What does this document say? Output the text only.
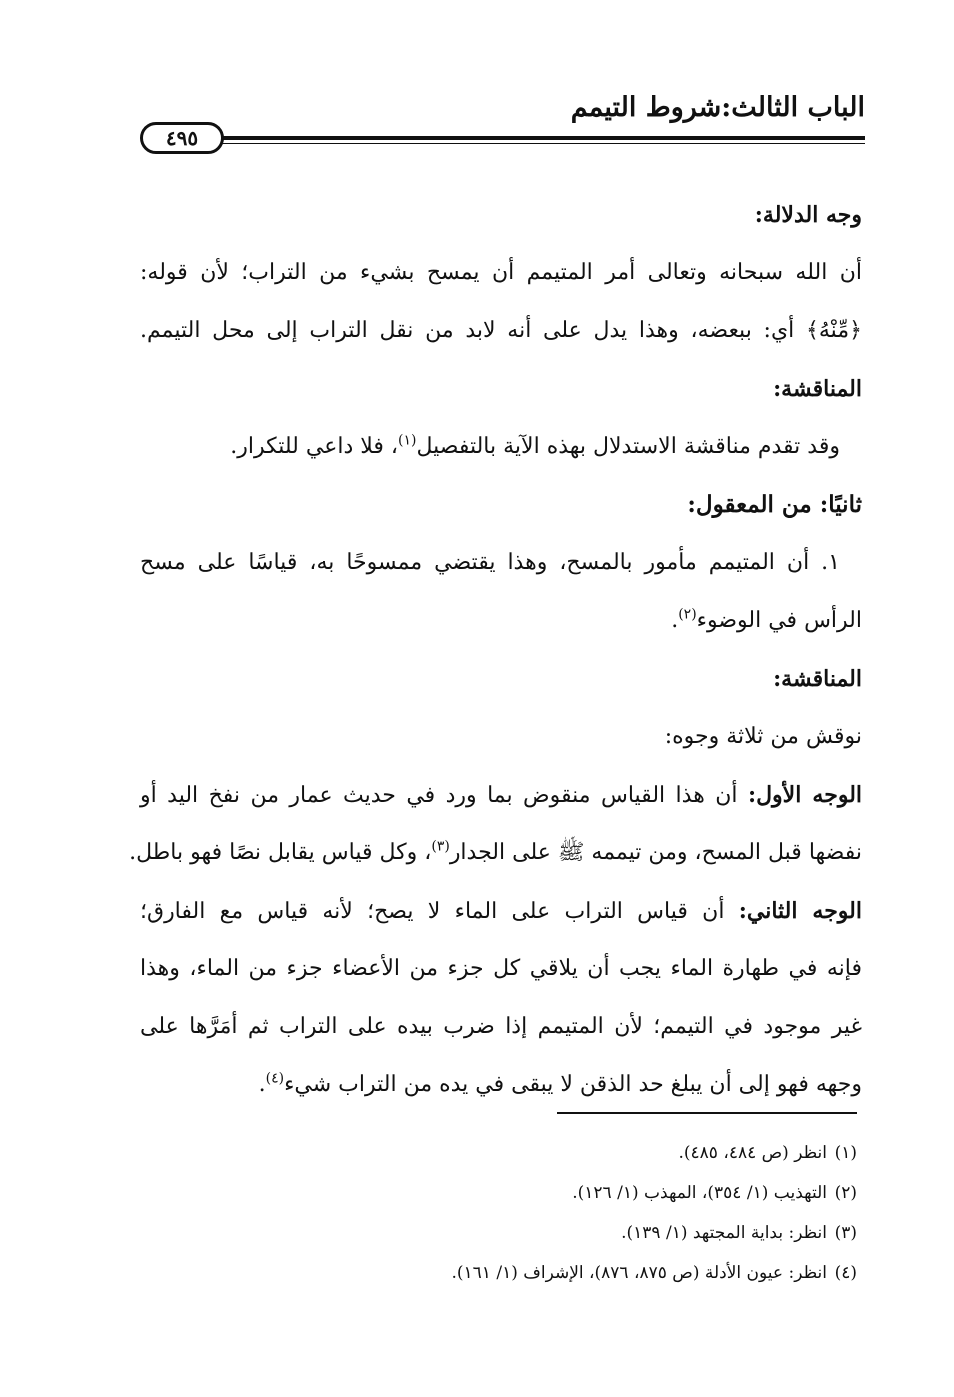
الباب الثالث:شروط التيمم
٤٩٥
وجه الدلالة:
أن الله سبحانه وتعالى أمر المتيمم أن يمسح بشيء من التراب؛ لأن قوله:
﴿مِّنْهُ﴾ أي: ببعضه، وهذا يدل على أنه لابد من نقل التراب إلى محل التيمم.
المناقشة:
وقد تقدم مناقشة الاستدلال بهذه الآية بالتفصيل$^{(١)}$، فلا داعي للتكرار.
ثانيًا: من المعقول:
١. أن المتيمم مأمور بالمسح، وهذا يقتضي ممسوحًا به، قياسًا على مسح
الرأس في الوضوء$^{(٢)}$.
المناقشة:
نوقش من ثلاثة وجوه:
الوجه الأول: أن هذا القياس منقوض بما ورد في حديث عمار من نفخ اليد أو
نفضها قبل المسح، ومن تيممه ﷺ على الجدار$^{(٣)}$، وكل قياس يقابل نصًا فهو باطل.
الوجه الثاني: أن قياس التراب على الماء لا يصح؛ لأنه قياس مع الفارق؛
فإنه في طهارة الماء يجب أن يلاقي كل جزء من الأعضاء جزء من الماء، وهذا
غير موجود في التيمم؛ لأن المتيمم إذا ضرب بيده على التراب ثم أمَرَّها على
وجهه فهو إلى أن يبلغ حد الذقن لا يبقى في يده من التراب شيء$^{(٤)}$.
(١)انظر (ص ٤٨٤، ٤٨٥).
(٢)التهذيب (١/ ٣٥٤)، المهذب (١/ ١٢٦).
(٣)انظر: بداية المجتهد (١/ ١٣٩).
(٤)انظر: عيون الأدلة (ص ٨٧٥، ٨٧٦)، الإشراف (١/ ١٦١).
